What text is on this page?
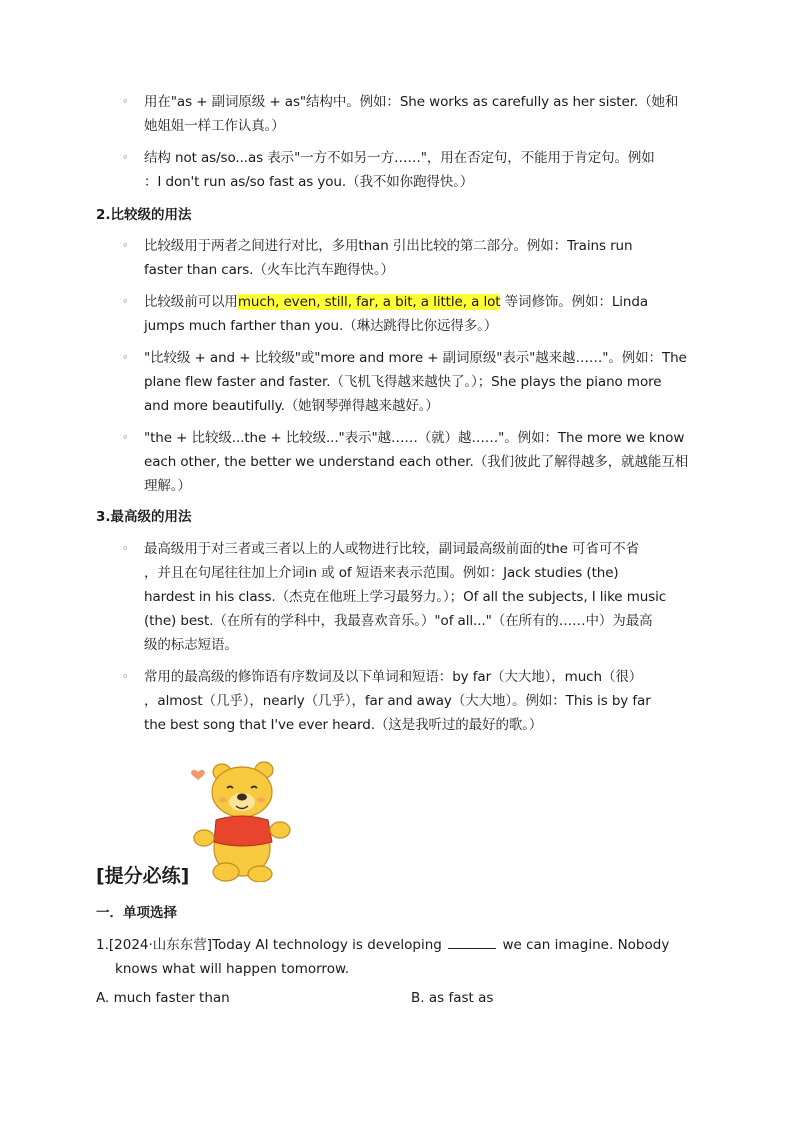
◦ 用在"as + 副词原级 + as"结构中。例如：She works as carefully as her sister.（她和
她姐姐一样工作认真。）
◦ 结构 not as/so...as 表示"一方不如另一方……"，用在否定句，不能用于肯定句。例如
：I don't run as/so fast as you.（我不如你跑得快。）
2.比较级的用法
◦ 比较级用于两者之间进行对比，多用than 引出比较的第二部分。例如：Trains run
faster than cars.（火车比汽车跑得快。）
◦ 比较级前可以用much, even, still, far, a bit, a little, a lot 等词修饰。例如：Linda
jumps much farther than you.（琳达跳得比你远得多。）
◦ "比较级 + and + 比较级"或"more and more + 副词原级"表示"越来越……"。例如：The
plane flew faster and faster.（飞机飞得越来越快了。）；She plays the piano more
and more beautifully.（她钢琴弹得越来越好。）
◦ "the + 比较级...the + 比较级..."表示"越……（就）越……"。例如：The more we know
each other, the better we understand each other.（我们彼此了解得越多，就越能互相
理解。）
3.最高级的用法
◦ 最高级用于对三者或三者以上的人或物进行比较，副词最高级前面的the 可省可不省
，并且在句尾往往加上介词in 或 of 短语来表示范围。例如：Jack studies (the)
hardest in his class.（杰克在他班上学习最努力。）；Of all the subjects, I like music
(the) best.（在所有的学科中，我最喜欢音乐。）"of all..."（在所有的……中）为最高
级的标志短语。
◦ 常用的最高级的修饰语有序数词及以下单词和短语：by far（大大地），much（很）
，almost（几乎），nearly（几乎），far and away（大大地）。例如：This is by far
the best song that I've ever heard.（这是我听过的最好的歌。）
[提分必练]
一．单项选择
1.[2024·山东东营]Today AI technology is developing	we can imagine. Nobody
knows what will happen tomorrow.
A. much faster than	B. as fast as
